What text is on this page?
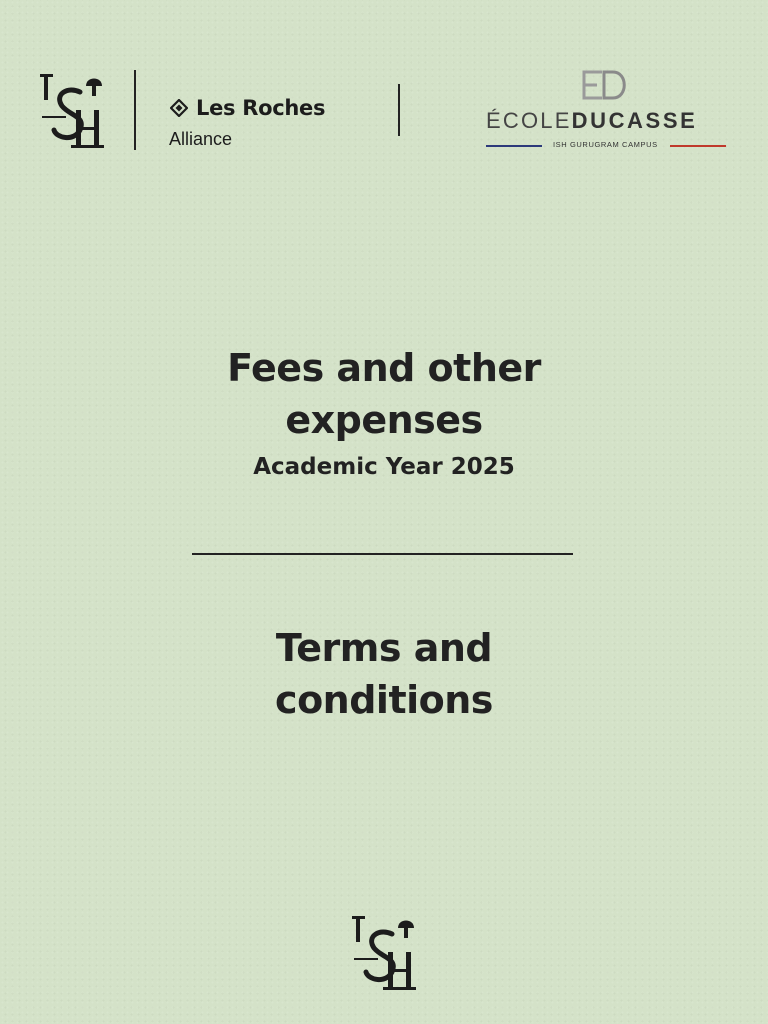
Les Roches
Alliance
ÉCOLEDUCASSE
ISH GURUGRAM CAMPUS
Fees and other
expenses
Academic Year 2025
Terms and
conditions
